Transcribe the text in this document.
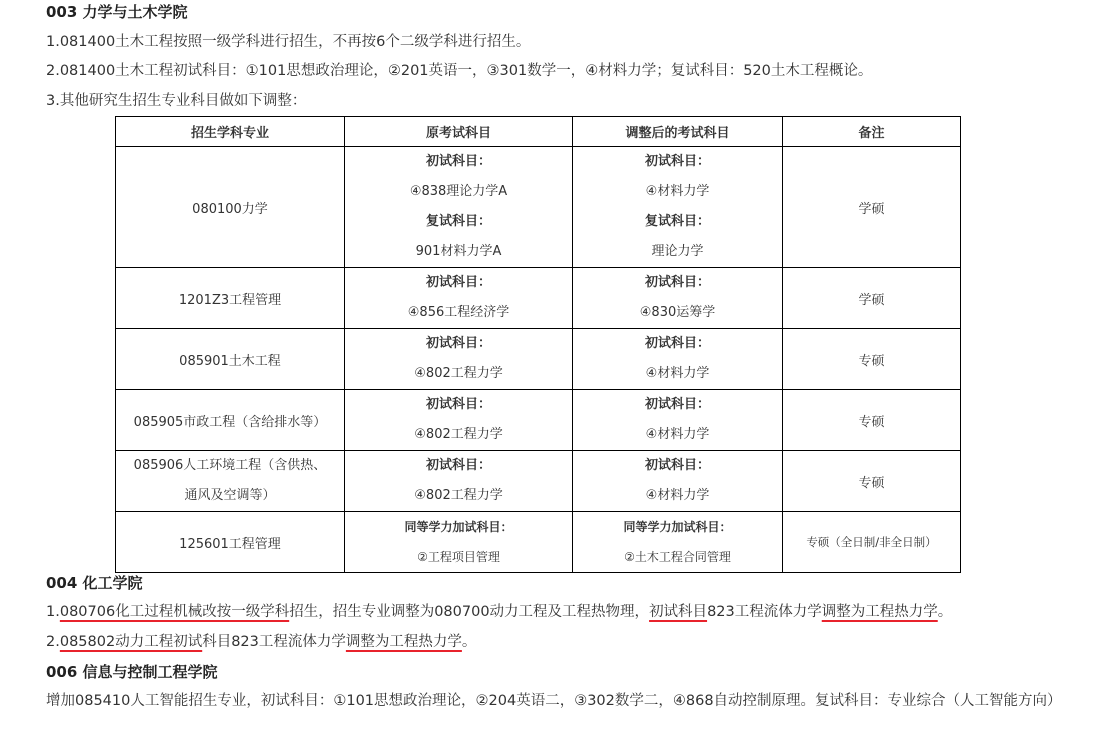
003 力学与土木学院
1.081400土木工程按照一级学科进行招生，不再按6个二级学科进行招生。
2.081400土木工程初试科目：①101思想政治理论，②201英语一，③301数学一，④材料力学；复试科目：520土木工程概论。
3.其他研究生招生专业科目做如下调整：
招生学科专业	原考试科目	调整后的考试科目	备注
080100力学	初试科目：
④838理论力学A
复试科目：
901材料力学A	初试科目：
④材料力学
复试科目：
理论力学	学硕
1201Z3工程管理	初试科目：
④856工程经济学	初试科目：
④830运筹学	学硕
085901土木工程	初试科目：
④802工程力学	初试科目：
④材料力学	专硕
085905市政工程（含给排水等）	初试科目：
④802工程力学	初试科目：
④材料力学	专硕

085906人工环境工程（含供热、
通风及空调等）	初试科目：
④802工程力学	初试科目：
④材料力学	专硕
125601工程管理	同等学力加试科目：
②工程项目管理	同等学力加试科目：
②土木工程合同管理	专硕（全日制/非全日制）
004 化工学院
1.080706化工过程机械改按一级学科招生，招生专业调整为080700动力工程及工程热物理，初试科目823工程流体力学调整为工程热力学。
2.085802动力工程初试科目823工程流体力学调整为工程热力学。
006 信息与控制工程学院
增加085410人工智能招生专业，初试科目：①101思想政治理论，②204英语二，③302数学二，④868自动控制原理。复试科目：专业综合（人工智能方向）
